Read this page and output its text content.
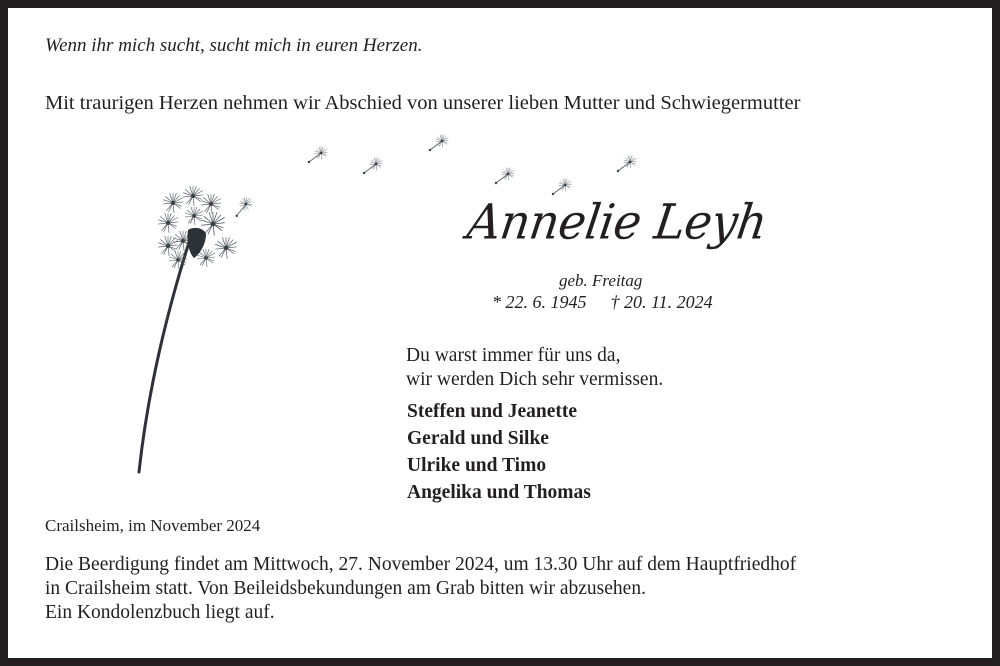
Wenn ihr mich sucht, sucht mich in euren Herzen.
Mit traurigen Herzen nehmen wir Abschied von unserer lieben Mutter und Schwiegermutter
Annelie Leyh
geb. Freitag
* 22. 6. 1945 † 20. 11. 2024
Du warst immer für uns da,
wir werden Dich sehr vermissen.
Steffen und Jeanette
Gerald und Silke
Ulrike und Timo
Angelika und Thomas
Crailsheim, im November 2024
Die Beerdigung findet am Mittwoch, 27. November 2024, um 13.30 Uhr auf dem Hauptfriedhof
in Crailsheim statt. Von Beileidsbekundungen am Grab bitten wir abzusehen.
Ein Kondolenzbuch liegt auf.
